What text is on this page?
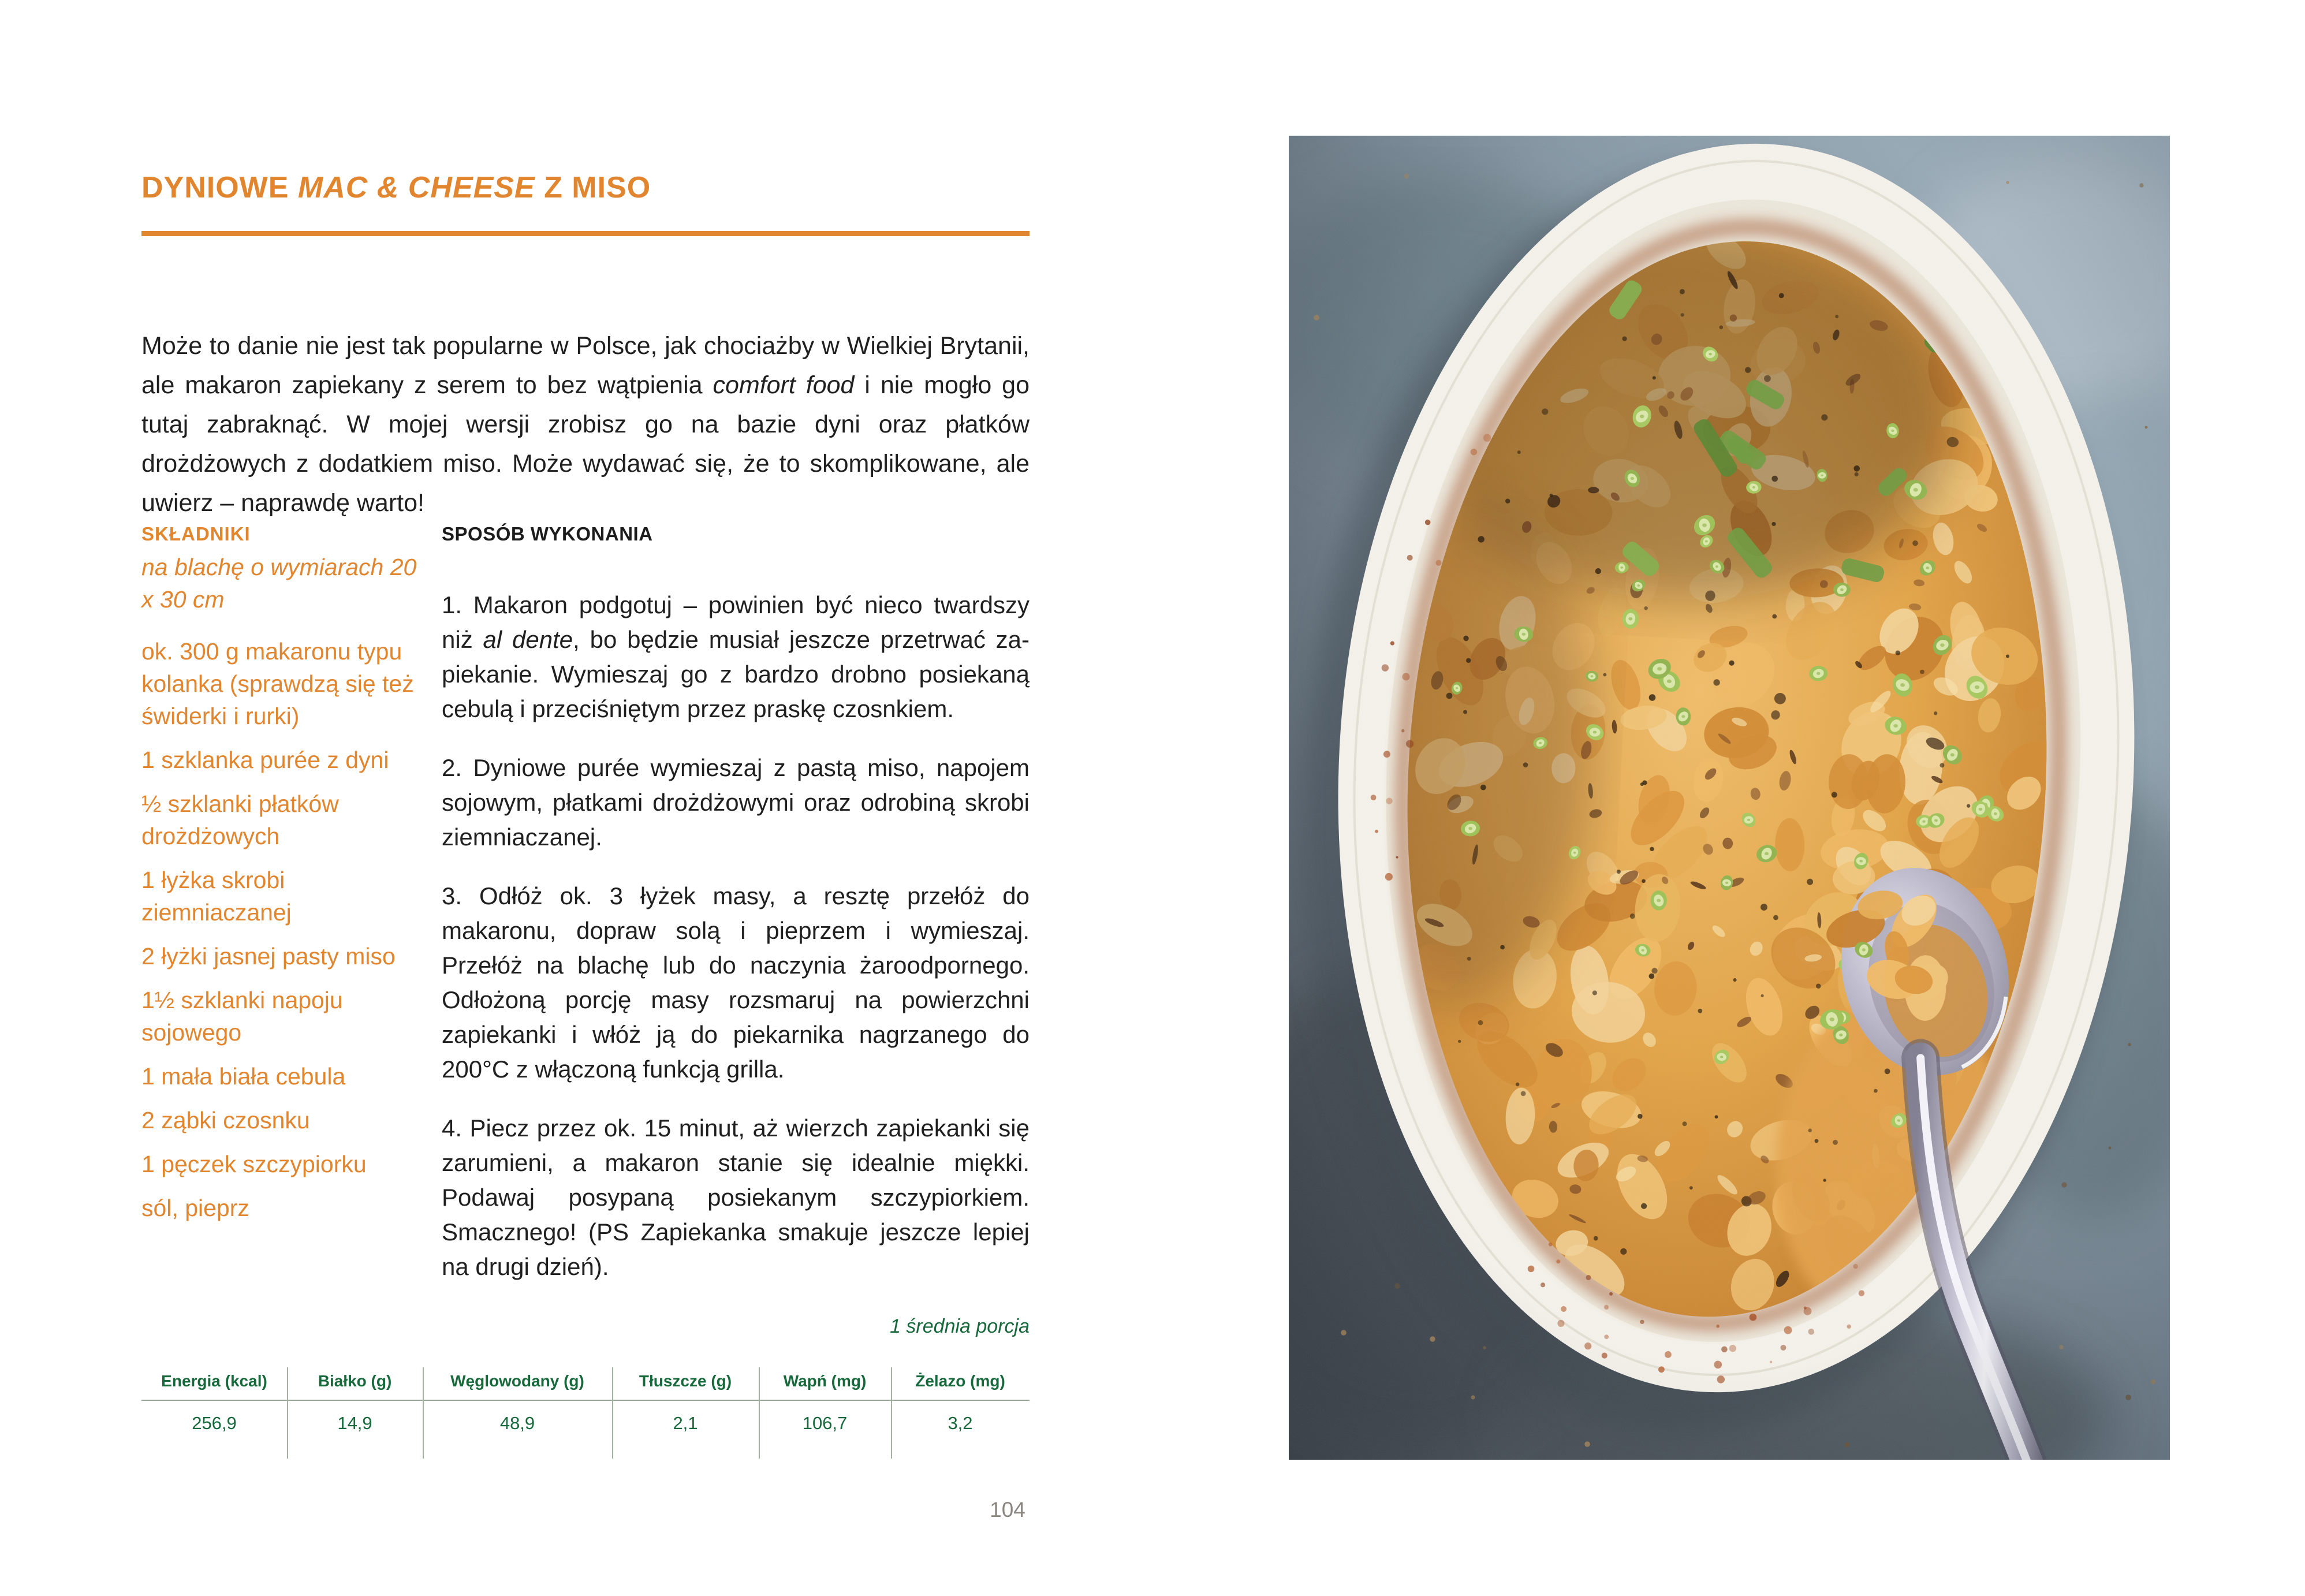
DYNIOWE MAC & CHEESE Z MISO

Może to danie nie jest tak popularne w Polsce, jak chociażby w Wielkiej Brytanii, ale makaron zapiekany z serem to bez wątpienia comfort food i nie mogło go tutaj zabraknąć. W mojej wersji zrobisz go na bazie dyni oraz płatków drożdżowych z dodatkiem miso. Może wydawać się, że to skomplikowane, ale uwierz – naprawdę warto!

SKŁADNIKI
na blachę o wymiarach 20 x 30 cm
ok. 300 g makaronu typu kolanka (sprawdzą się też świderki i rurki)
1 szklanka purée z dyni
½ szklanki płatków drożdżowych
1 łyżka skrobi ziemniaczanej
2 łyżki jasnej pasty miso
1½ szklanki napoju sojowego
1 mała biała cebula
2 ząbki czosnku
1 pęczek szczypiorku
sól, pieprz
SPOSÓB WYKONANIA

1. Makaron podgotuj – powinien być nieco twardszy niż al dente, bo będzie musiał jeszcze przetrwać zapiekanie. Wymieszaj go z bardzo drobno posiekaną cebulą i przeciśniętym przez praskę czosnkiem.

2. Dyniowe purée wymieszaj z pastą miso, napojem sojowym, płatkami drożdżowymi oraz odrobiną skrobi ziemniaczanej.

3. Odłóż ok. 3 łyżek masy, a resztę przełóż do makaronu, dopraw solą i pieprzem i wymieszaj. Przełóż na blachę lub do naczynia żaroodpornego. Odłożoną porcję masy rozsmaruj na powierzchni zapiekanki i włóż ją do piekarnika nagrzanego do 200°C z włączoną funkcją grilla.

4. Piecz przez ok. 15 minut, aż wierzch zapiekanki się zarumieni, a makaron stanie się idealnie miękki. Podawaj posypaną posiekanym szczypiorkiem. Smacznego! (PS Zapiekanka smakuje jeszcze lepiej na drugi dzień).

1 średnia porcja
Energia (kcal)	Białko (g)	Węglowodany (g)	Tłuszcze (g)	Wapń (mg)	Żelazo (mg)
256,9	14,9	48,9	2,1	106,7	3,2
104
